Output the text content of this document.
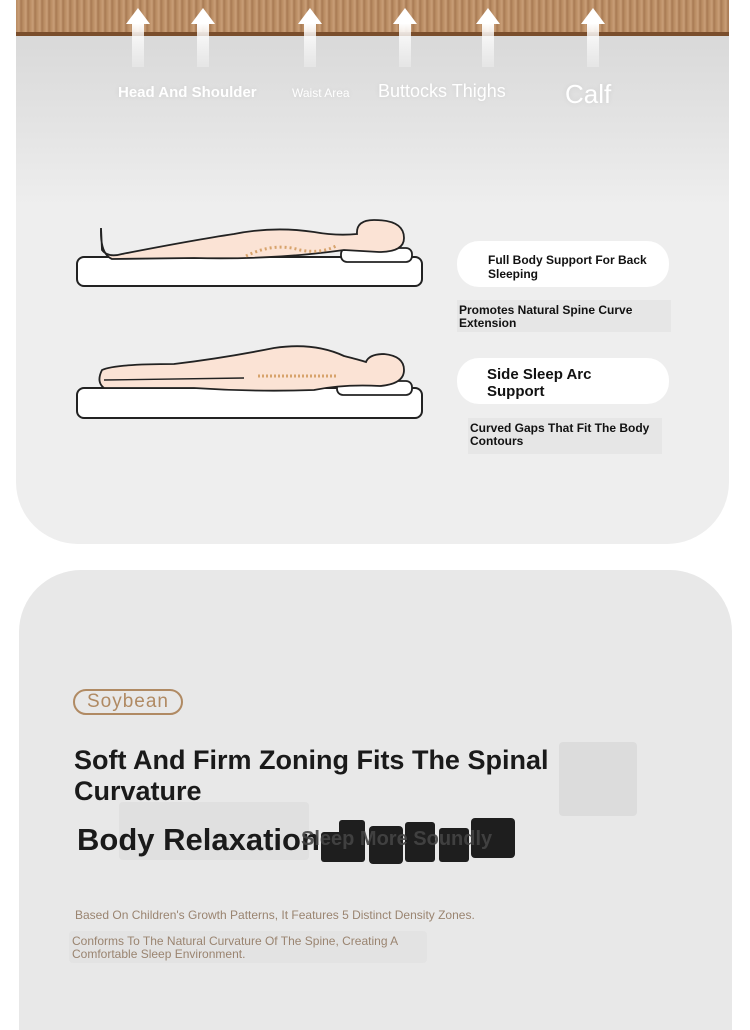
Head And Shoulder	Waist Area Buttocks Thighs Calf
Full Body Support For Back Sleeping
Promotes Natural Spine Curve Extension
Side Sleep Arc Support
Curved Gaps That Fit The Body Contours
Soybean
Soft And Firm Zoning Fits The Spinal Curvature
Body Relaxation
Sleep More Soundly
Based On Children's Growth Patterns, It Features 5 Distinct Density Zones.
Conforms To The Natural Curvature Of The Spine, Creating A Comfortable Sleep Environment.
